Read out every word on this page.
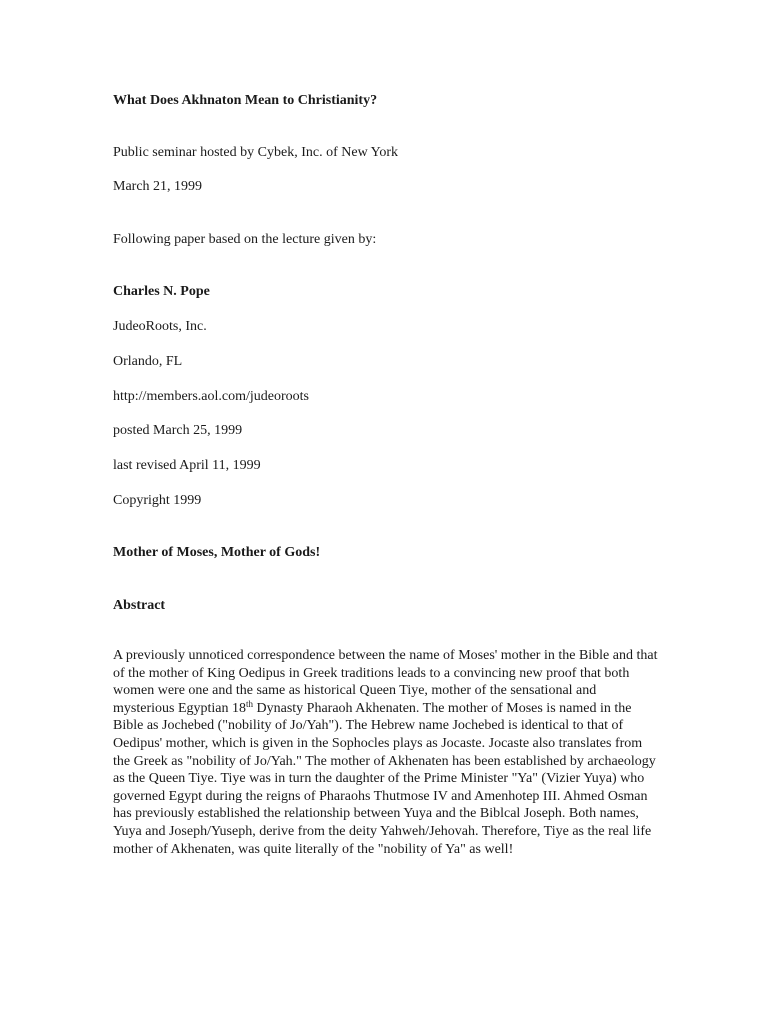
What Does Akhnaton Mean to Christianity?
Public seminar hosted by Cybek, Inc. of New York
March 21, 1999
Following paper based on the lecture given by:
Charles N. Pope
JudeoRoots, Inc.
Orlando, FL
http://members.aol.com/judeoroots
posted March 25, 1999
last revised April 11, 1999
Copyright 1999
Mother of Moses, Mother of Gods!
Abstract
A previously unnoticed correspondence between the name of Moses' mother in the Bible and that of the mother of King Oedipus in Greek traditions leads to a convincing new proof that both women were one and the same as historical Queen Tiye, mother of the sensational and mysterious Egyptian 18th Dynasty Pharaoh Akhenaten. The mother of Moses is named in the Bible as Jochebed ("nobility of Jo/Yah"). The Hebrew name Jochebed is identical to that of Oedipus' mother, which is given in the Sophocles plays as Jocaste. Jocaste also translates from the Greek as "nobility of Jo/Yah." The mother of Akhenaten has been established by archaeology as the Queen Tiye. Tiye was in turn the daughter of the Prime Minister "Ya" (Vizier Yuya) who governed Egypt during the reigns of Pharaohs Thutmose IV and Amenhotep III. Ahmed Osman has previously established the relationship between Yuya and the Biblcal Joseph. Both names, Yuya and Joseph/Yuseph, derive from the deity Yahweh/Jehovah. Therefore, Tiye as the real life mother of Akhenaten, was quite literally of the "nobility of Ya" as well!
